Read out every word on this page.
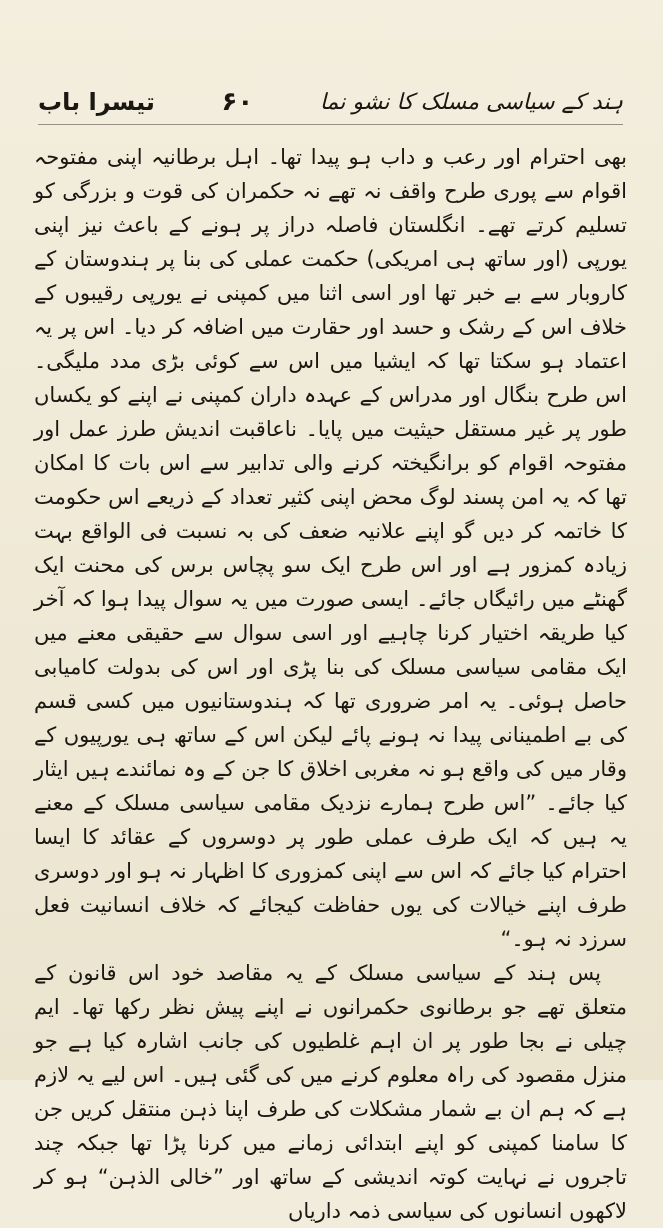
ہند کے سیاسی مسلک کا نشو نما
۶۰
تیسرا باب

بھی احترام اور رعب و داب ہو پیدا تھا۔ اہل برطانیہ اپنی مفتوحہ اقوام سے پوری طرح واقف نہ تھے نہ حکمران کی قوت و بزرگی کو تسلیم کرتے تھے۔ انگلستان فاصلہ دراز پر ہونے کے باعث نیز اپنی یورپی (اور ساتھ ہی امریکی) حکمت عملی کی بنا پر ہندوستان کے کاروبار سے بے خبر تھا اور اسی اثنا میں کمپنی نے یورپی رقیبوں کے خلاف اس کے رشک و حسد اور حقارت میں اضافہ کر دیا۔ اس پر یہ اعتماد ہو سکتا تھا کہ ایشیا میں اس سے کوئی بڑی مدد ملیگی۔ اس طرح بنگال اور مدراس کے عہدہ داران کمپنی نے اپنے کو یکساں طور پر غیر مستقل حیثیت میں پایا۔ ناعاقبت اندیش طرز عمل اور مفتوحہ اقوام کو برانگیختہ کرنے والی تدابیر سے اس بات کا امکان تھا کہ یہ امن پسند لوگ محض اپنی کثیر تعداد کے ذریعے اس حکومت کا خاتمہ کر دیں گو اپنے علانیہ ضعف کی بہ نسبت فی الواقع بہت زیادہ کمزور ہے اور اس طرح ایک سو پچاس برس کی محنت ایک گھنٹے میں رائیگاں جائے۔ ایسی صورت میں یہ سوال پیدا ہوا کہ آخر کیا طریقہ اختیار کرنا چاہیے اور اسی سوال سے حقیقی معنے میں ایک مقامی سیاسی مسلک کی بنا پڑی اور اس کی بدولت کامیابی حاصل ہوئی۔ یہ امر ضروری تھا کہ ہندوستانیوں میں کسی قسم کی بے اطمینانی پیدا نہ ہونے پائے لیکن اس کے ساتھ ہی یورپیوں کے وقار میں کی واقع ہو نہ مغربی اخلاق کا جن کے وہ نمائندے ہیں ایثار کیا جائے۔ ”اس طرح ہمارے نزدیک مقامی سیاسی مسلک کے معنے یہ ہیں کہ ایک طرف عملی طور پر دوسروں کے عقائد کا ایسا احترام کیا جائے کہ اس سے اپنی کمزوری کا اظہار نہ ہو اور دوسری طرف اپنے خیالات کی یوں حفاظت کیجائے کہ خلاف انسانیت فعل سرزد نہ ہو۔“

پس ہند کے سیاسی مسلک کے یہ مقاصد خود اس قانون کے متعلق تھے جو برطانوی حکمرانوں نے اپنے پیش نظر رکھا تھا۔ ایم چیلی نے بجا طور پر ان اہم غلطیوں کی جانب اشارہ کیا ہے جو منزل مقصود کی راہ معلوم کرنے میں کی گئی ہیں۔ اس لیے یہ لازم ہے کہ ہم ان بے شمار مشکلات کی طرف اپنا ذہن منتقل کریں جن کا سامنا کمپنی کو اپنے ابتدائی زمانے میں کرنا پڑا تھا جبکہ چند تاجروں نے نہایت کوتہ اندیشی کے ساتھ اور ”خالی الذہن“ ہو کر لاکھوں انسانوں کی سیاسی ذمہ داریاں
